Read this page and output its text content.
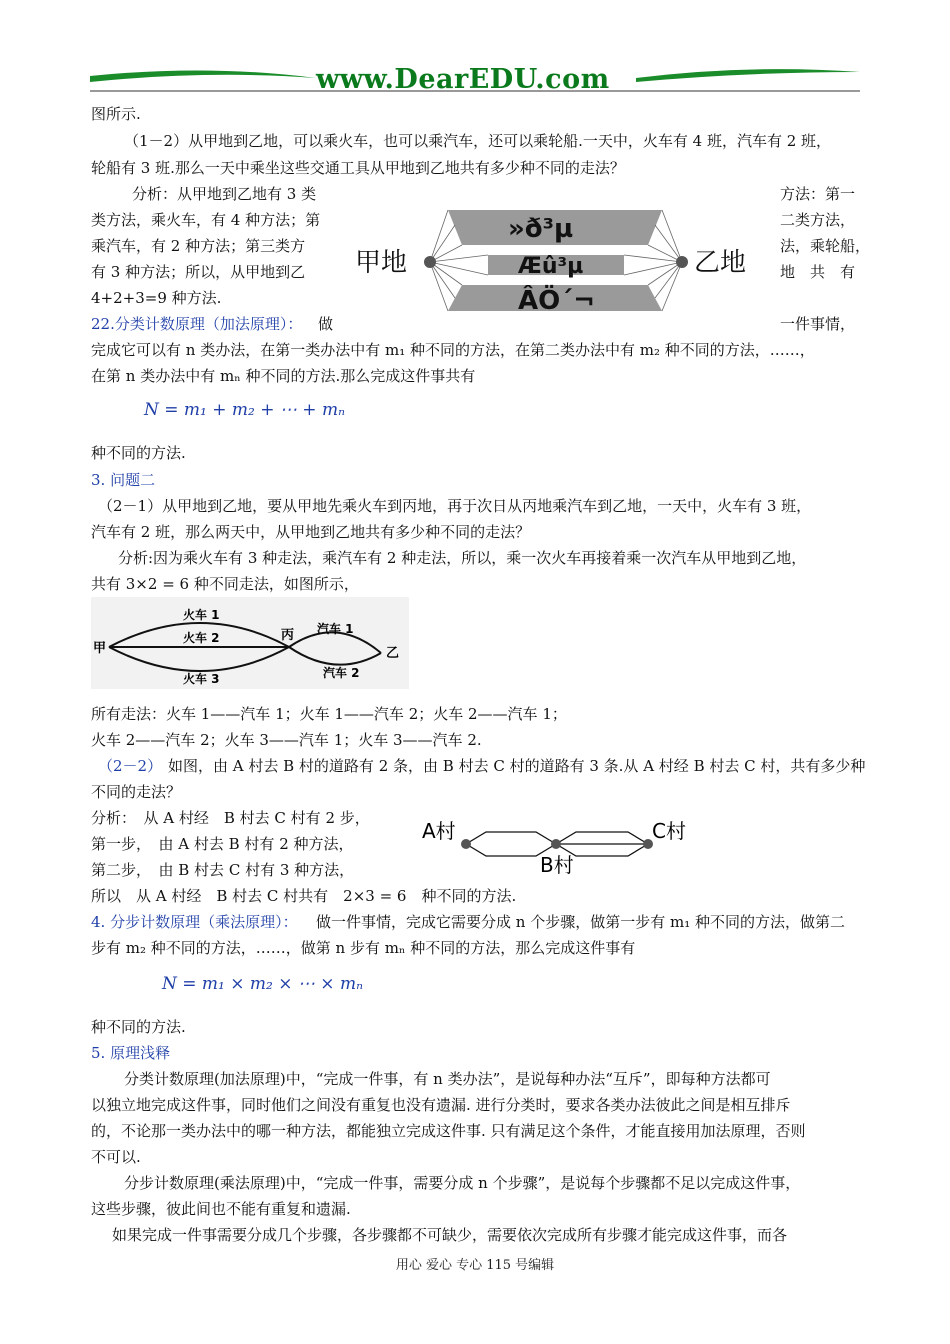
www.DearEDU.com
图所示.
（1－2）从甲地到乙地，可以乘火车，也可以乘汽车，还可以乘轮船.一天中，火车有 4 班，汽车有 2 班，
轮船有 3 班.那么一天中乘坐这些交通工具从甲地到乙地共有多少种不同的走法？
分析：从甲地到乙地有 3 类
类方法，乘火车，有 4 种方法；第
乘汽车，有 2 种方法；第三类方
有 3 种方法；所以，从甲地到乙
4+2+3=9 种方法.
方法：第一
二类方法，
法，乘轮船，
地　共　有
甲地	乙地
»ð³µ
Æû³µ
ÂÖ´¬
22.分类计数原理（加法原理）： 做	一件事情，
完成它可以有 n 类办法，在第一类办法中有 m₁ 种不同的方法，在第二类办法中有 m₂ 种不同的方法，……，
在第 n 类办法中有 mₙ 种不同的方法.那么完成这件事共有
N = m₁ + m₂ + ⋯ + mₙ
种不同的方法.
3. 问题二
（2－1）从甲地到乙地，要从甲地先乘火车到丙地，再于次日从丙地乘汽车到乙地，一天中，火车有 3 班，
汽车有 2 班，那么两天中，从甲地到乙地共有多少种不同的走法？
分析:因为乘火车有 3 种走法，乘汽车有 2 种走法，所以，乘一次火车再接着乘一次汽车从甲地到乙地，
共有 3×2 = 6 种不同走法，如图所示，
甲
丙
乙
火车 1
火车 2
火车 3
汽车 1
汽车 2
所有走法：火车 1——汽车 1；火车 1——汽车 2；火车 2——汽车 1；
火车 2——汽车 2；火车 3——汽车 1；火车 3——汽车 2.
（2－2） 如图，由 A 村去 B 村的道路有 2 条，由 B 村去 C 村的道路有 3 条.从 A 村经 B 村去 C 村，共有多少种
不同的走法？
分析：　从 A 村经　B 村去 C 村有 2 步，
第一步，　由 A 村去 B 村有 2 种方法，
第二步，　由 B 村去 C 村有 3 种方法，
所以　从 A 村经　B 村去 C 村共有　2×3 = 6　种不同的方法.
A村
B村
C村
4. 分步计数原理（乘法原理）： 做一件事情，完成它需要分成 n 个步骤，做第一步有 m₁ 种不同的方法，做第二
步有 m₂ 种不同的方法，……，做第 n 步有 mₙ 种不同的方法，那么完成这件事有
N = m₁ × m₂ × ⋯ × mₙ
种不同的方法.
5. 原理浅释
分类计数原理(加法原理)中，“完成一件事，有 n 类办法”，是说每种办法“互斥”，即每种方法都可
以独立地完成这件事，同时他们之间没有重复也没有遗漏. 进行分类时，要求各类办法彼此之间是相互排斥
的，不论那一类办法中的哪一种方法，都能独立完成这件事. 只有满足这个条件，才能直接用加法原理，否则
不可以.
分步计数原理(乘法原理)中，“完成一件事，需要分成 n 个步骤”，是说每个步骤都不足以完成这件事，
这些步骤，彼此间也不能有重复和遗漏.
如果完成一件事需要分成几个步骤，各步骤都不可缺少，需要依次完成所有步骤才能完成这件事，而各
用心 爱心 专心 115 号编辑
